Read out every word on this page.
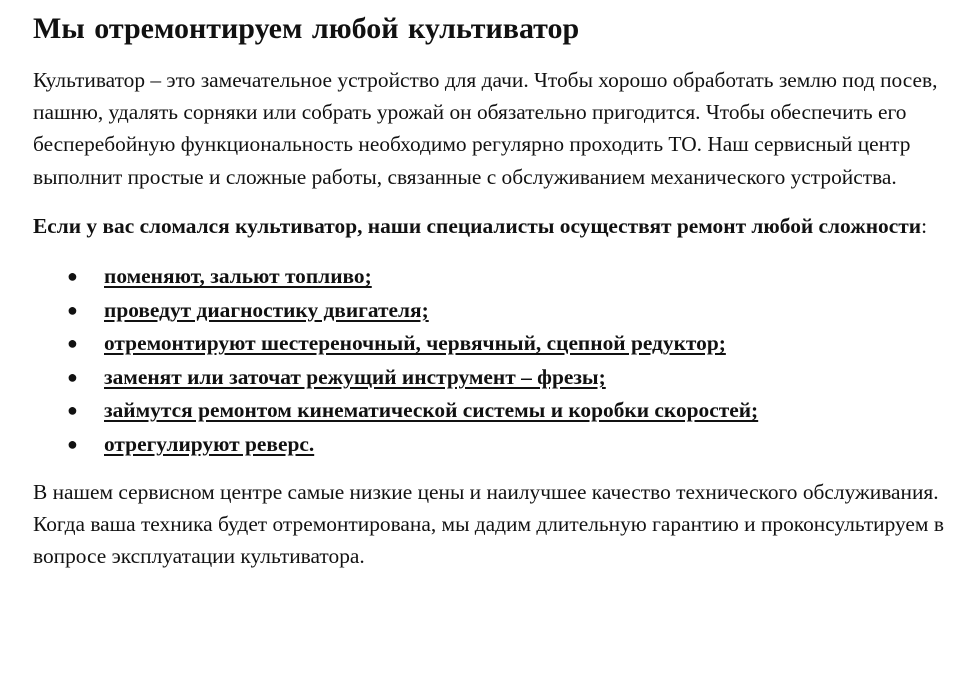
Мы отремонтируем любой культиватор

Культиватор – это замечательное устройство для дачи. Чтобы хорошо обработать землю под посев, пашню, удалять сорняки или собрать урожай он обязательно пригодится. Чтобы обеспечить его бесперебойную функциональность необходимо регулярно проходить ТО. Наш сервисный центр выполнит простые и сложные работы, связанные с обслуживанием механического устройства.

Если у вас сломался культиватор, наши специалисты осуществят ремонт любой сложности:

● поменяют, зальют топливо;
● проведут диагностику двигателя;
● отремонтируют шестереночный, червячный, сцепной редуктор;
● заменят или заточат режущий инструмент – фрезы;
● займутся ремонтом кинематической системы и коробки скоростей;
● отрегулируют реверс.

В нашем сервисном центре самые низкие цены и наилучшее качество технического обслуживания. Когда ваша техника будет отремонтирована, мы дадим длительную гарантию и проконсультируем в вопросе эксплуатации культиватора.
